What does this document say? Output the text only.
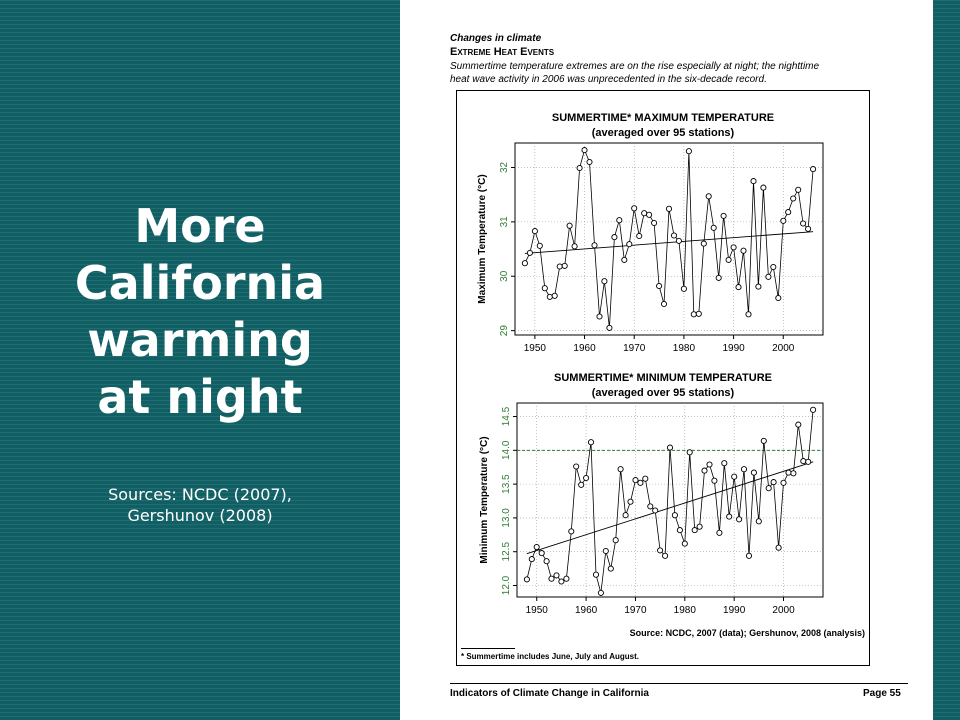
More
California
warming
at night
Sources: NCDC (2007),
Gershunov (2008)
Changes in climate
Extreme Heat Events
Summertime temperature extremes are on the rise especially at night; the nighttime
heat wave activity in 2006 was unprecedented in the six-decade record.
SUMMERTIME* MAXIMUM TEMPERATURE
(averaged over 95 stations)
Maximum Temperature (°C)
1950	1960	1970	1980	1990	2000
29
30
31
32
SUMMERTIME* MINIMUM TEMPERATURE
(averaged over 95 stations)
Minimum Temperature (°C)
1950	1960	1970	1980	1990	2000
12.0
12.5
13.0
13.5
14.0
14.5
Source: NCDC, 2007 (data); Gershunov, 2008 (analysis)
* Summertime includes June, July and August.
Indicators of Climate Change in California	Page 55
